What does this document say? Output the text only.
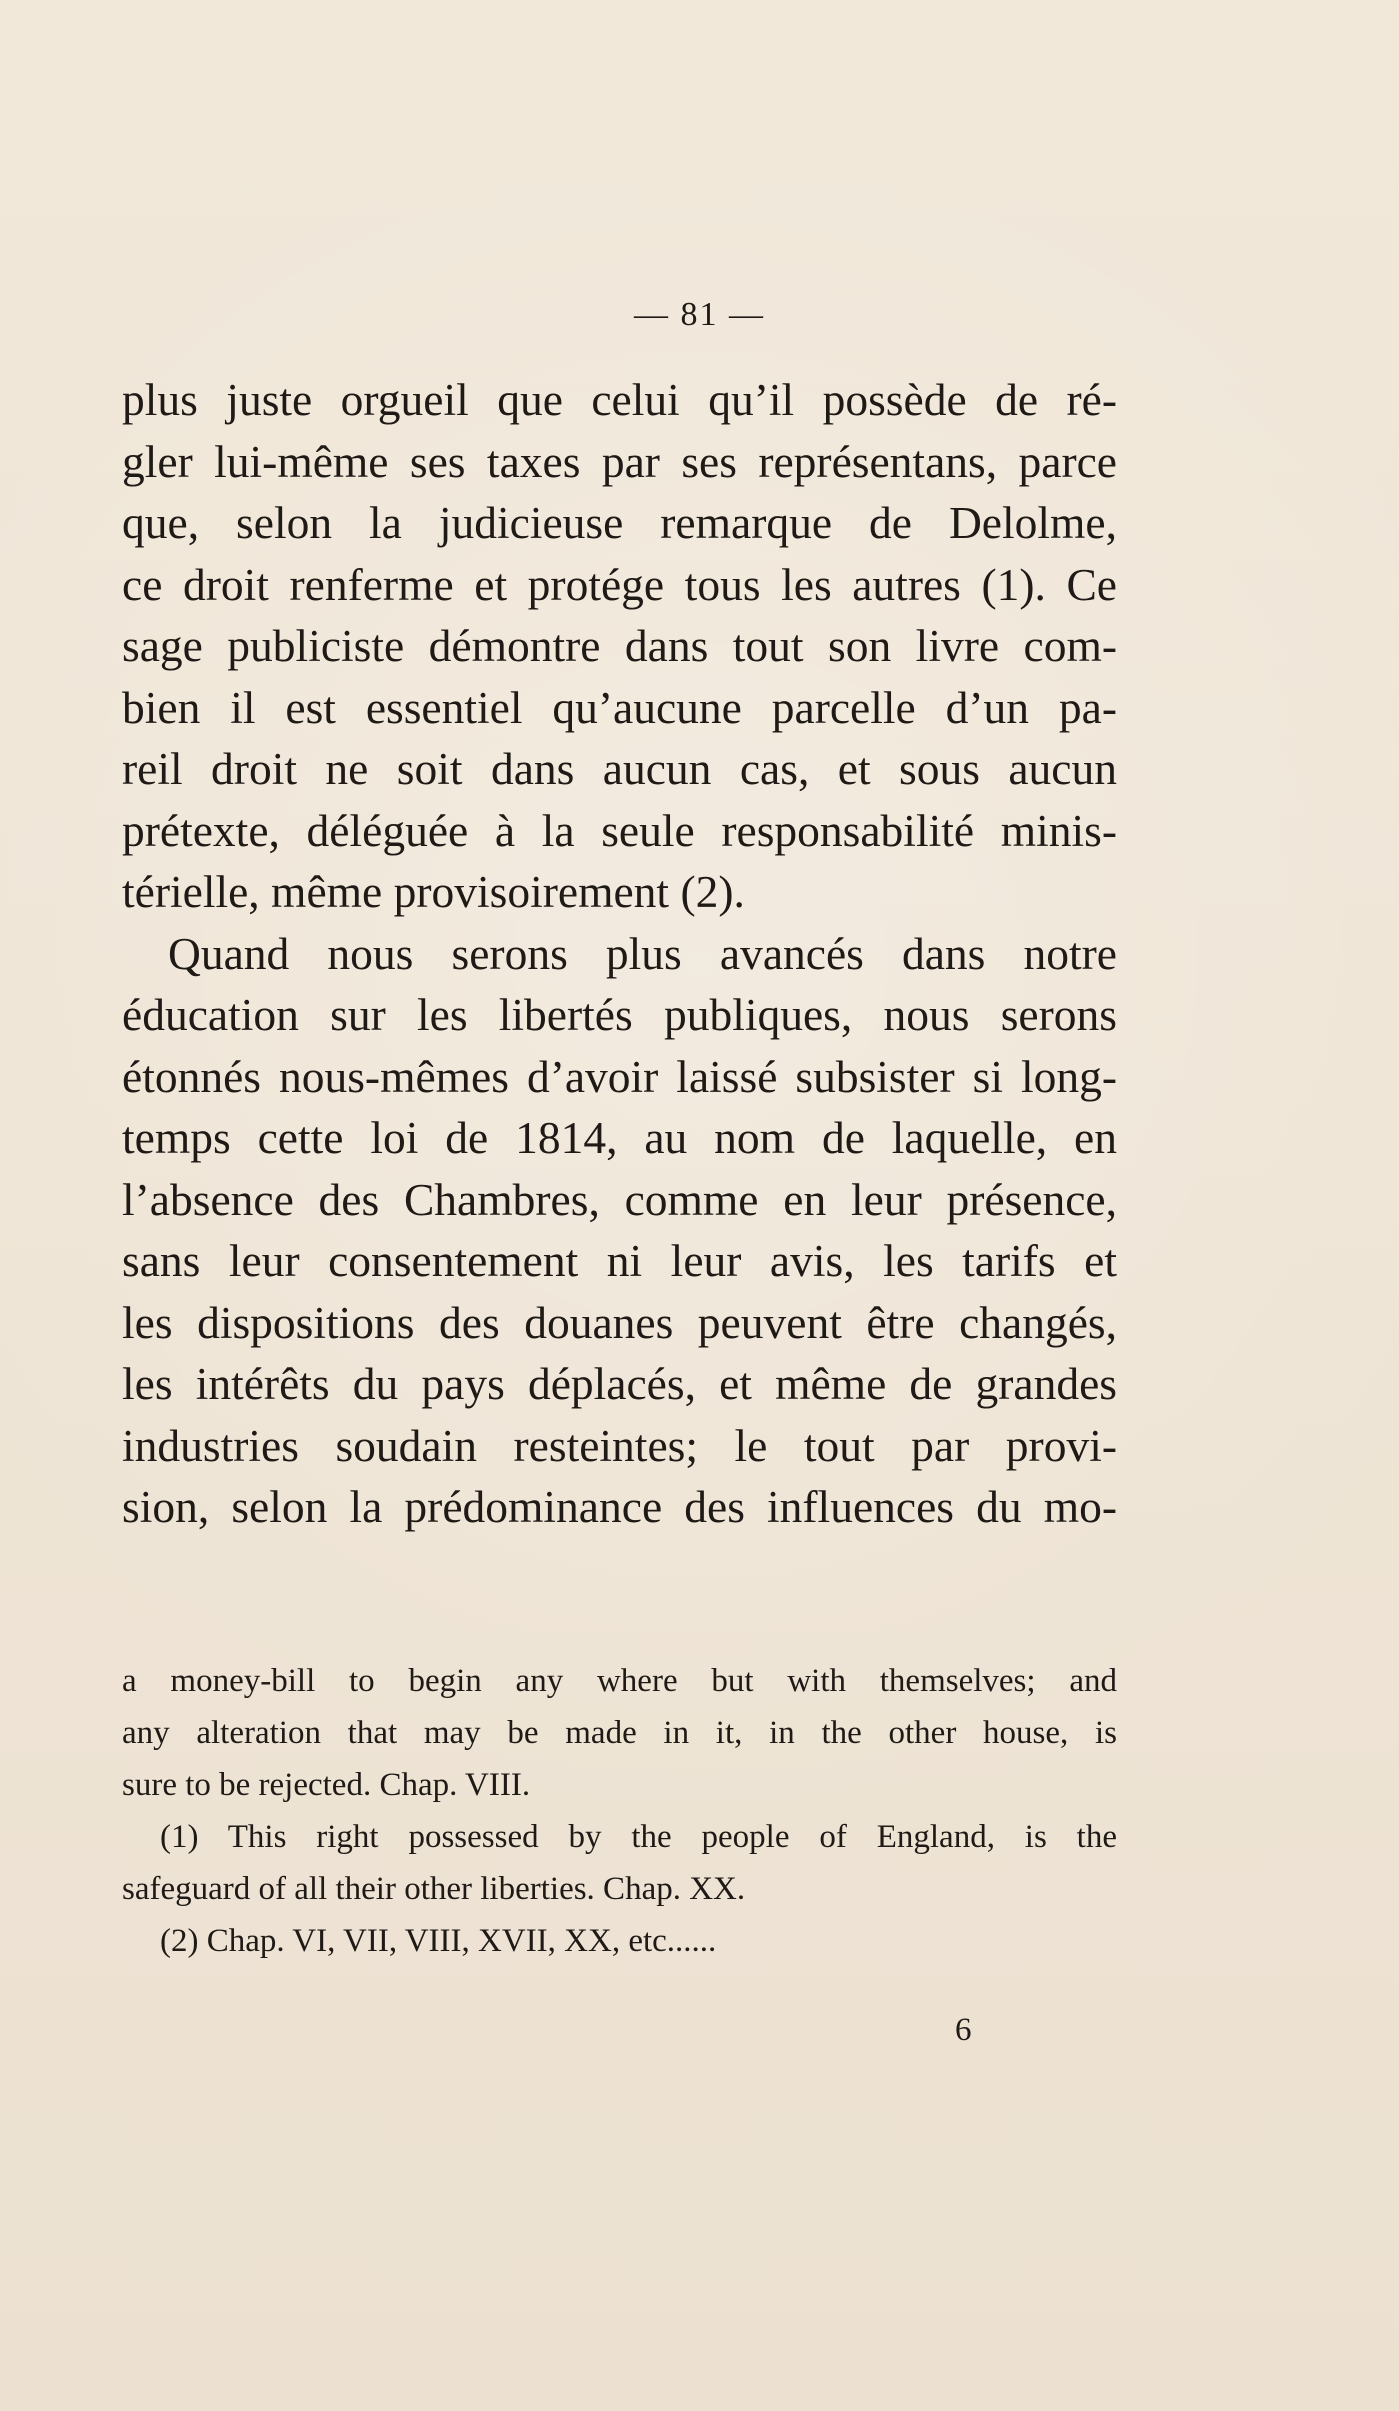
— 81 —
plus juste orgueil que celui qu’il possède de ré-
gler lui-même ses taxes par ses représentans, parce
que, selon la judicieuse remarque de Delolme,
ce droit renferme et protége tous les autres (1). Ce
sage publiciste démontre dans tout son livre com-
bien il est essentiel qu’aucune parcelle d’un pa-
reil droit ne soit dans aucun cas, et sous aucun
prétexte, déléguée à la seule responsabilité minis-
térielle, même provisoirement (2).
Quand nous serons plus avancés dans notre
éducation sur les libertés publiques, nous serons
étonnés nous-mêmes d’avoir laissé subsister si long-
temps cette loi de 1814, au nom de laquelle, en
l’absence des Chambres, comme en leur présence,
sans leur consentement ni leur avis, les tarifs et
les dispositions des douanes peuvent être changés,
les intérêts du pays déplacés, et même de grandes
industries soudain resteintes; le tout par provi-
sion, selon la prédominance des influences du mo-
a money-bill to begin any where but with themselves; and
any alteration that may be made in it, in the other house, is
sure to be rejected. Chap. VIII.
(1) This right possessed by the people of England, is the
safeguard of all their other liberties. Chap. XX.
(2) Chap. VI, VII, VIII, XVII, XX, etc......
6
